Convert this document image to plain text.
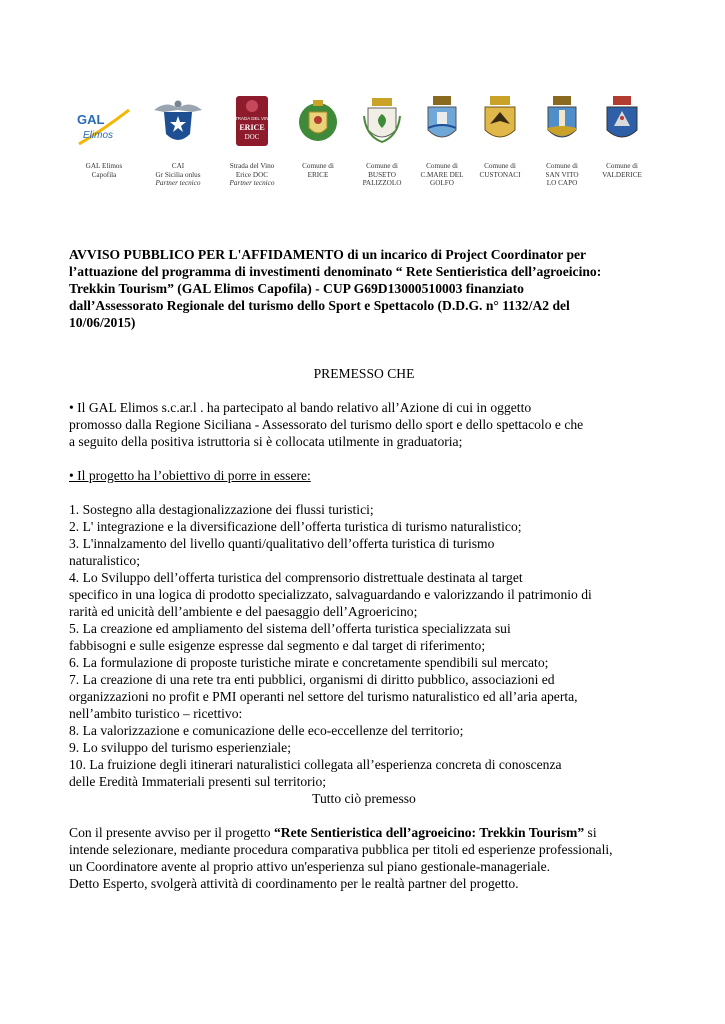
GAL
Elimos
GAL Elimos
Capofila
CAI
Gr Sicilia onlus
Partner tecnico
STRADA DEL VINO
ERICE
DOC
Strada del Vino
Erice DOC
Partner tecnico
Comune di
ERICE
Comune di
BUSETO
PALIZZOLO
Comune di
C.MARE DEL
GOLFO
Comune di
CUSTONACI
Comune di
SAN VITO
LO CAPO
Comune di
VALDERICE

AVVISO PUBBLICO PER L'AFFIDAMENTO di un incarico di Project Coordinator per
l’attuazione del programma di investimenti denominato “ Rete Sentieristica dell’agroeicino:
Trekkin Tourism” (GAL Elimos Capofila) - CUP G69D13000510003 finanziato
dall’Assessorato Regionale del turismo dello Sport e Spettacolo (D.D.G. n° 1132/A2 del
10/06/2015)

PREMESSO CHE

• Il GAL Elimos s.c.ar.l . ha partecipato al bando relativo all’Azione di cui in oggetto
promosso dalla Regione Siciliana - Assessorato del turismo dello sport e dello spettacolo e che
a seguito della positiva istruttoria si è collocata utilmente in graduatoria;

• Il progetto ha l’obiettivo di porre in essere:

1. Sostegno alla destagionalizzazione dei flussi turistici;
2. L' integrazione e la diversificazione dell’offerta turistica di turismo naturalistico;
3. L'innalzamento del livello quanti/qualitativo dell’offerta turistica di turismo
naturalistico;
4. Lo Sviluppo dell’offerta turistica del comprensorio distrettuale destinata al target
specifico in una logica di prodotto specializzato, salvaguardando e valorizzando il patrimonio di
rarità ed unicità dell’ambiente e del paesaggio dell’Agroericino;
5. La creazione ed ampliamento del sistema dell’offerta turistica specializzata sui
fabbisogni e sulle esigenze espresse dal segmento e dal target di riferimento;
6. La formulazione di proposte turistiche mirate e concretamente spendibili sul mercato;
7. La creazione di una rete tra enti pubblici, organismi di diritto pubblico, associazioni ed
organizzazioni no profit e PMI operanti nel settore del turismo naturalistico ed all’aria aperta,
nell’ambito turistico – ricettivo:
8. La valorizzazione e comunicazione delle eco-eccellenze del territorio;
9. Lo sviluppo del turismo esperienziale;
10. La fruizione degli itinerari naturalistici collegata all’esperienza concreta di conoscenza
delle Eredità Immateriali presenti sul territorio;

Tutto ciò premesso

Con il presente avviso per il progetto “Rete Sentieristica dell’agroeicino: Trekkin Tourism” si
intende selezionare, mediante procedura comparativa pubblica per titoli ed esperienze professionali,
un Coordinatore avente al proprio attivo un'esperienza sul piano gestionale-manageriale.
Detto Esperto, svolgerà attività di coordinamento per le realtà partner del progetto.
